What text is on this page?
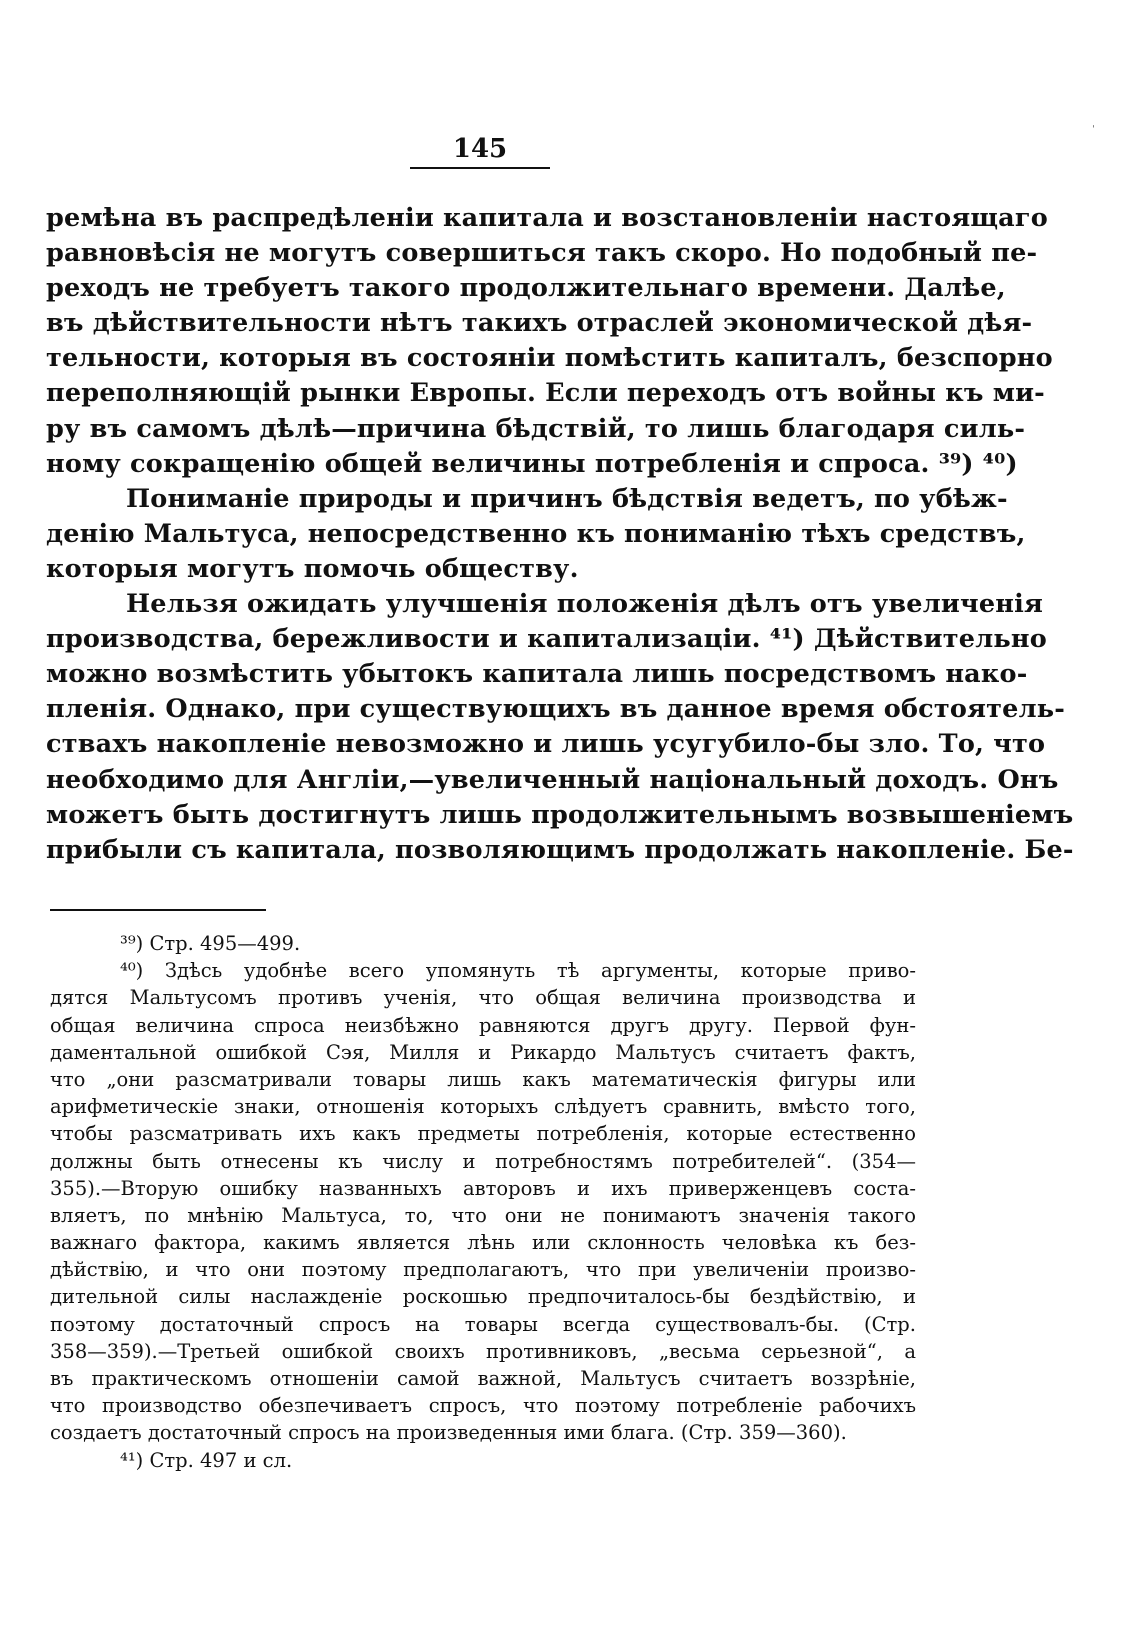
145
ˌ
ремѣна въ распредѣленіи капитала и возстановленіи настоящаго
равновѣсія не могутъ совершиться такъ скоро. Но подобный пе-
реходъ не требуетъ такого продолжительнаго времени. Далѣе,
въ дѣйствительности нѣтъ такихъ отраслей экономической дѣя-
тельности, которыя въ состояніи помѣстить капиталъ, безспорно
переполняющій рынки Европы. Если переходъ отъ войны къ ми-
ру въ самомъ дѣлѣ—причина бѣдствій, то лишь благодаря силь-
ному сокращенію общей величины потребленія и спроса. ³⁹) ⁴⁰)
Пониманіе природы и причинъ бѣдствія ведетъ, по убѣж-
денію Мальтуса, непосредственно къ пониманію тѣхъ средствъ,
которыя могутъ помочь обществу.
Нельзя ожидать улучшенія положенія дѣлъ отъ увеличенія
производства, бережливости и капитализаціи. ⁴¹) Дѣйствительно
можно возмѣстить убытокъ капитала лишь посредствомъ нако-
пленія. Однако, при существующихъ въ данное время обстоятель-
ствахъ накопленіе невозможно и лишь усугубило-бы зло. То, что
необходимо для Англіи,—увеличенный національный доходъ. Онъ
можетъ быть достигнутъ лишь продолжительнымъ возвышеніемъ
прибыли съ капитала, позволяющимъ продолжать накопленіе. Бе-
³⁹) Стр. 495—499.
⁴⁰) Здѣсь удобнѣе всего упомянуть тѣ аргументы, которые приво-
дятся Мальтусомъ противъ ученія, что общая величина производства и
общая величина спроса неизбѣжно равняются другъ другу. Первой фун-
даментальной ошибкой Сэя, Милля и Рикардо Мальтусъ считаетъ фактъ,
что „они разсматривали товары лишь какъ математическія фигуры или
арифметическіе знаки, отношенія которыхъ слѣдуетъ сравнить, вмѣсто того,
чтобы разсматривать ихъ какъ предметы потребленія, которые естественно
должны быть отнесены къ числу и потребностямъ потребителей“. (354—
355).—Вторую ошибку названныхъ авторовъ и ихъ приверженцевъ соста-
вляетъ, по мнѣнію Мальтуса, то, что они не понимаютъ значенія такого
важнаго фактора, какимъ является лѣнь или склонность человѣка къ без-
дѣйствію, и что они поэтому предполагаютъ, что при увеличеніи произво-
дительной силы наслажденіе роскошью предпочиталось-бы бездѣйствію, и
поэтому достаточный спросъ на товары всегда существовалъ-бы. (Стр.
358—359).—Третьей ошибкой своихъ противниковъ, „весьма серьезной“, а
въ практическомъ отношеніи самой важной, Мальтусъ считаетъ воззрѣніе,
что производство обезпечиваетъ спросъ, что поэтому потребленіе рабочихъ
создаетъ достаточный спросъ на произведенныя ими блага. (Стр. 359—360).
⁴¹) Стр. 497 и сл.
